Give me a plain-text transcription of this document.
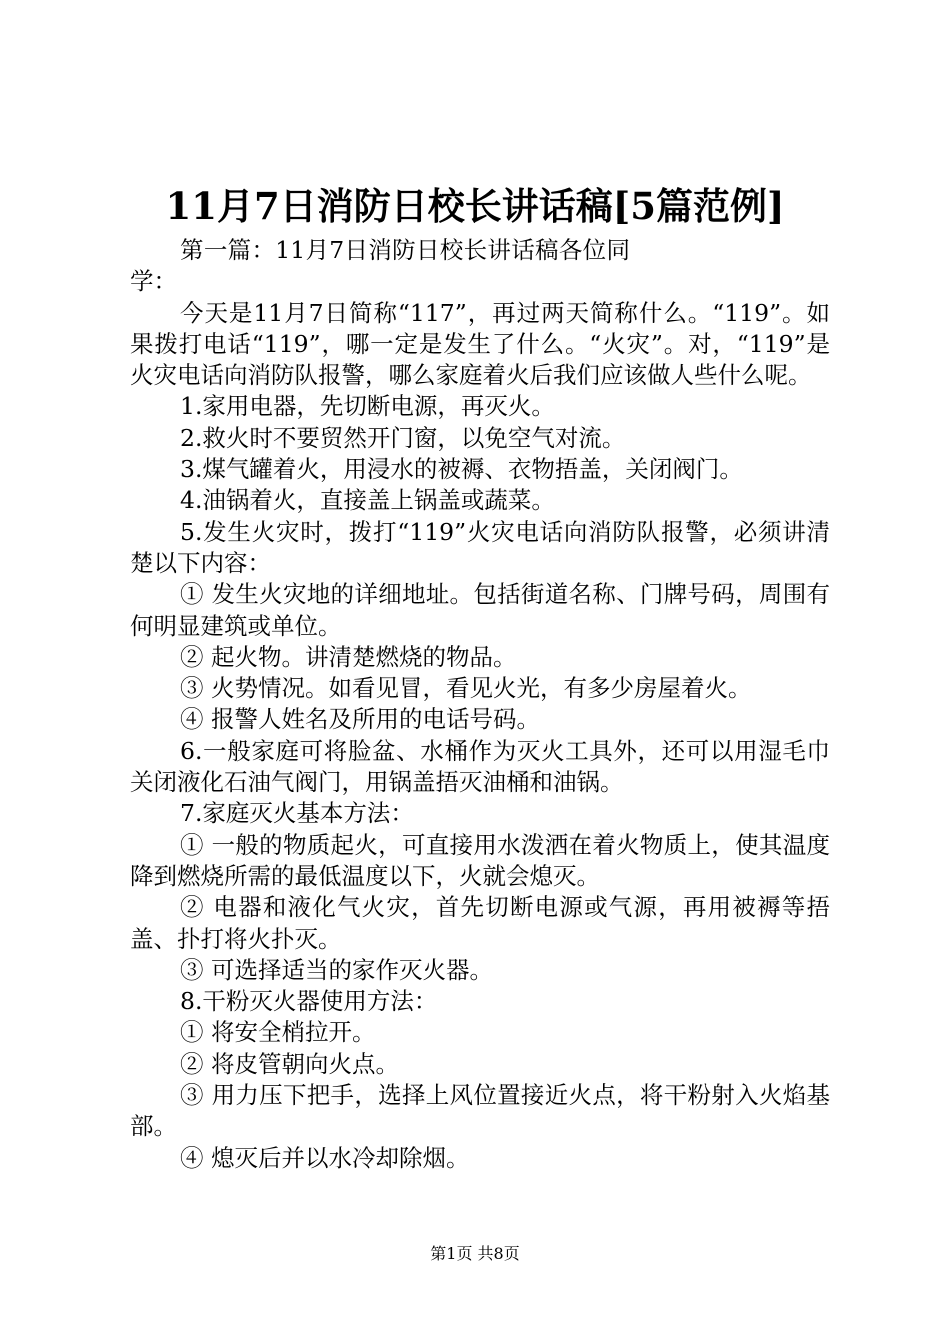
11月7日消防日校长讲话稿[5篇范例]

第一篇：11月7日消防日校长讲话稿各位同学：

今天是11月7日简称“117”，再过两天简称什么。“119”。如果拨打电话“119”，哪一定是发生了什么。“火灾”。对，“119”是火灾电话向消防队报警，哪么家庭着火后我们应该做人些什么呢。

1.家用电器，先切断电源，再灭火。

2.救火时不要贸然开门窗，以免空气对流。

3.煤气罐着火，用浸水的被褥、衣物捂盖，关闭阀门。

4.油锅着火，直接盖上锅盖或蔬菜。

5.发生火灾时，拨打“119”火灾电话向消防队报警，必须讲清楚以下内容：

① 发生火灾地的详细地址。包括街道名称、门牌号码，周围有何明显建筑或单位。

② 起火物。讲清楚燃烧的物品。

③ 火势情况。如看见冒，看见火光，有多少房屋着火。

④ 报警人姓名及所用的电话号码。

6.一般家庭可将脸盆、水桶作为灭火工具外，还可以用湿毛巾关闭液化石油气阀门，用锅盖捂灭油桶和油锅。

7.家庭灭火基本方法：

① 一般的物质起火，可直接用水泼洒在着火物质上，使其温度降到燃烧所需的最低温度以下，火就会熄灭。

② 电器和液化气火灾，首先切断电源或气源，再用被褥等捂盖、扑打将火扑灭。

③ 可选择适当的家作灭火器。

8.干粉灭火器使用方法：

① 将安全梢拉开。

② 将皮管朝向火点。

③ 用力压下把手，选择上风位置接近火点，将干粉射入火焰基部。

④ 熄灭后并以水冷却除烟。

第1页 共8页
